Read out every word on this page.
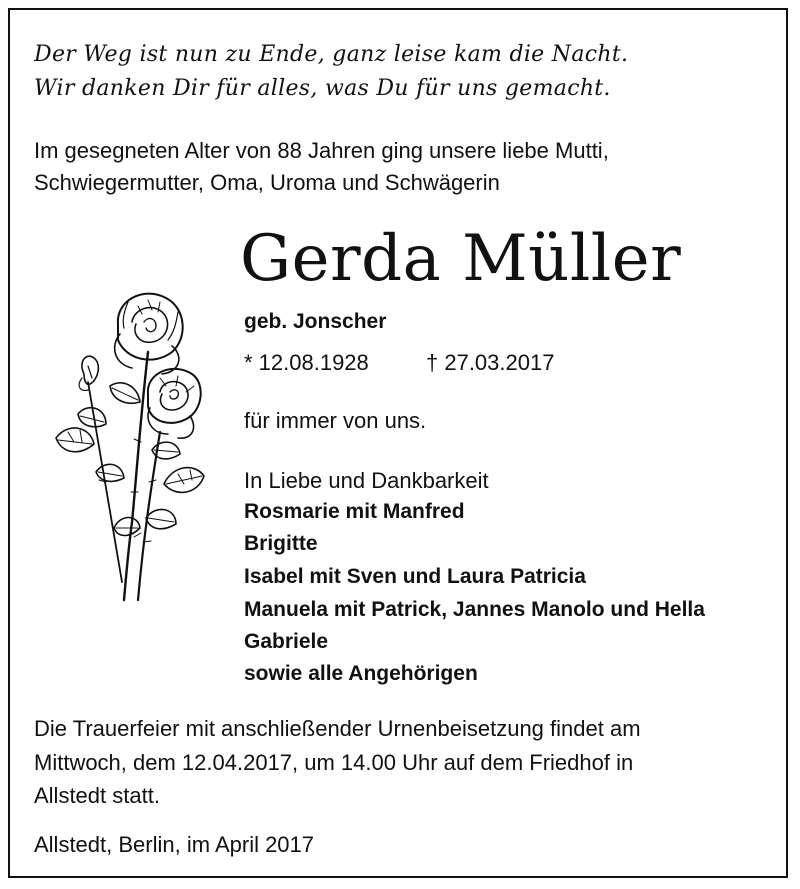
Der Weg ist nun zu Ende, ganz leise kam die Nacht.
Wir danken Dir für alles, was Du für uns gemacht.
Im gesegneten Alter von 88 Jahren ging unsere liebe Mutti,
Schwiegermutter, Oma, Uroma und Schwägerin
Gerda Müller
geb. Jonscher
* 12.08.1928	† 27.03.2017
für immer von uns.
In Liebe und Dankbarkeit
Rosmarie mit Manfred
Brigitte
Isabel mit Sven und Laura Patricia
Manuela mit Patrick, Jannes Manolo und Hella
Gabriele
sowie alle Angehörigen
Die Trauerfeier mit anschließender Urnenbeisetzung findet am
Mittwoch, dem 12.04.2017, um 14.00 Uhr auf dem Friedhof in
Allstedt statt.
Allstedt, Berlin, im April 2017
